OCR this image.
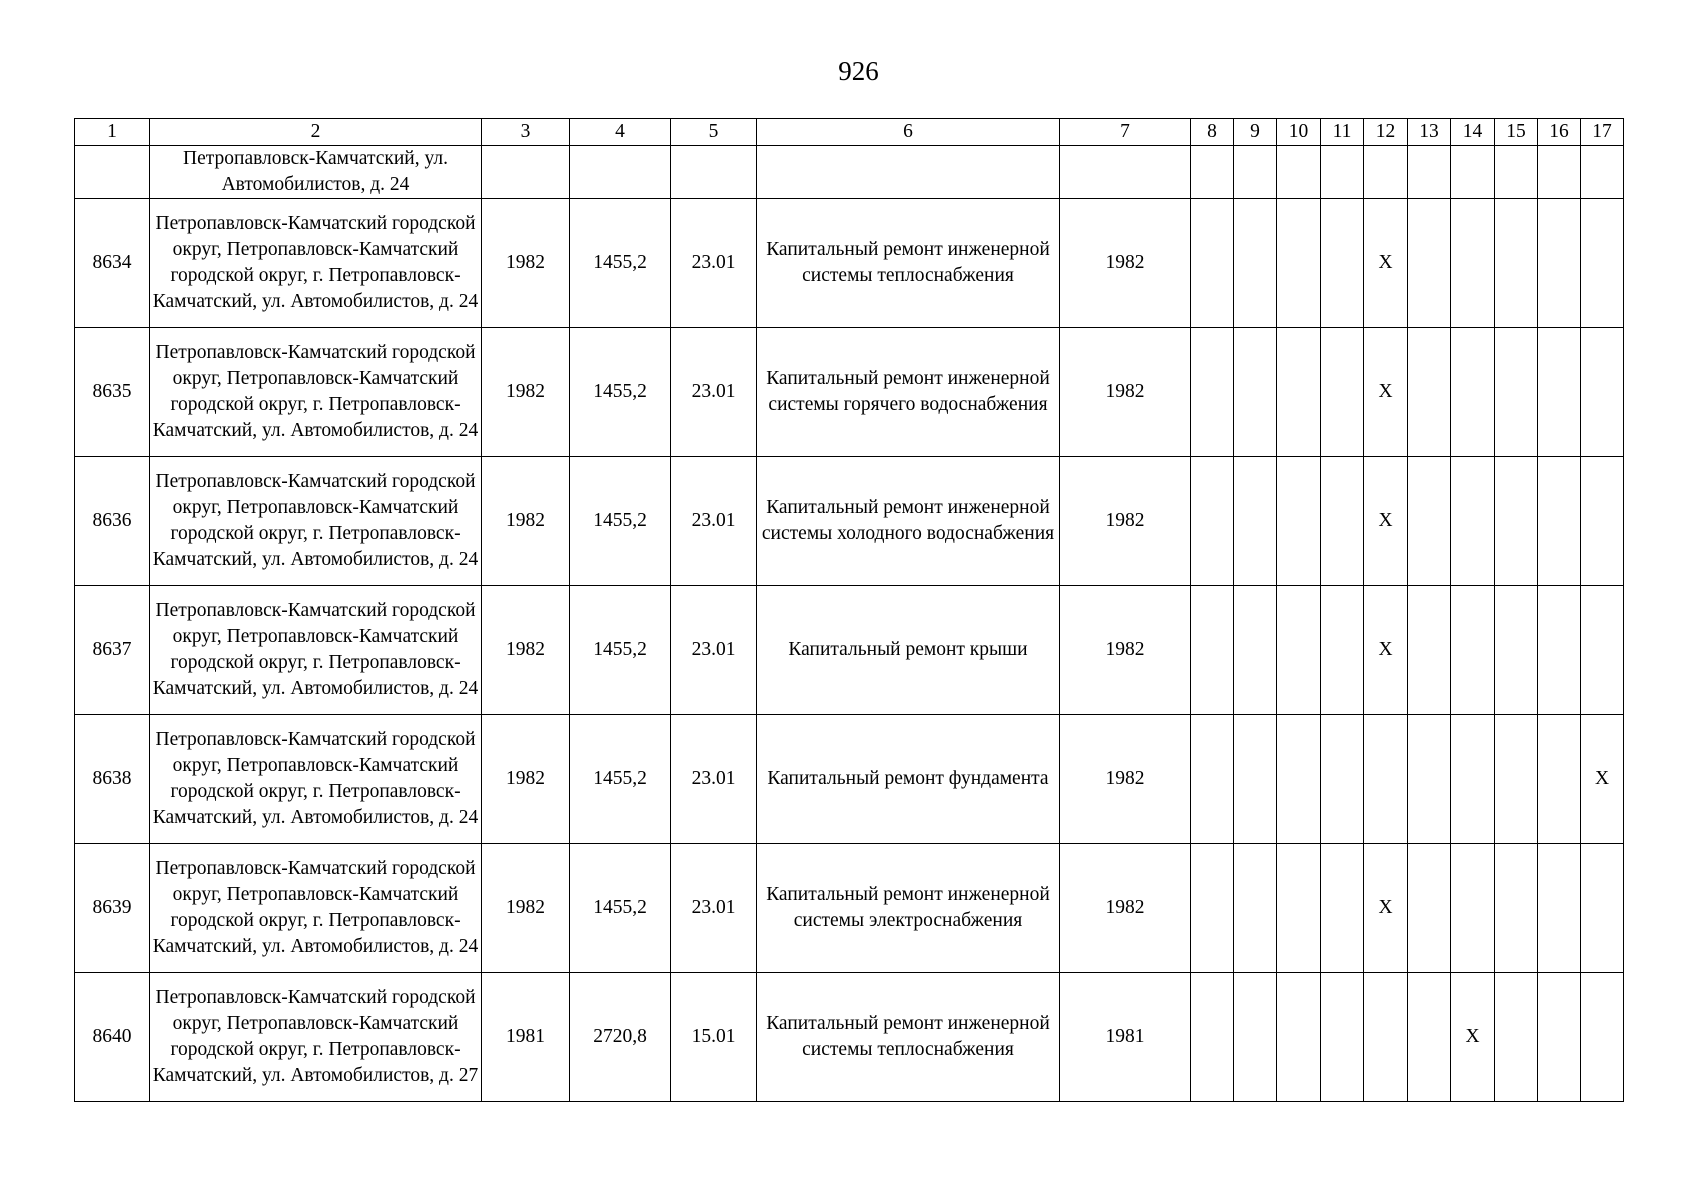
926
1	2	3	4	5	6	7	8	9	10	11	12	13	14	15	16	17
	Петропавловск-Камчатский, ул. Автомобилистов, д. 24															
8634	Петропавловск-Камчатский городской округ, Петропавловск-Камчатский городской округ, г. Петропавловск-Камчатский, ул. Автомобилистов, д. 24	1982	1455,2	23.01	Капитальный ремонт инженерной системы теплоснабжения	1982					X					
8635	Петропавловск-Камчатский городской округ, Петропавловск-Камчатский городской округ, г. Петропавловск-Камчатский, ул. Автомобилистов, д. 24	1982	1455,2	23.01	Капитальный ремонт инженерной системы горячего водоснабжения	1982					X					
8636	Петропавловск-Камчатский городской округ, Петропавловск-Камчатский городской округ, г. Петропавловск-Камчатский, ул. Автомобилистов, д. 24	1982	1455,2	23.01	Капитальный ремонт инженерной системы холодного водоснабжения	1982					X					
8637	Петропавловск-Камчатский городской округ, Петропавловск-Камчатский городской округ, г. Петропавловск-Камчатский, ул. Автомобилистов, д. 24	1982	1455,2	23.01	Капитальный ремонт крыши	1982					X					
8638	Петропавловск-Камчатский городской округ, Петропавловск-Камчатский городской округ, г. Петропавловск-Камчатский, ул. Автомобилистов, д. 24	1982	1455,2	23.01	Капитальный ремонт фундамента	1982										X
8639	Петропавловск-Камчатский городской округ, Петропавловск-Камчатский городской округ, г. Петропавловск-Камчатский, ул. Автомобилистов, д. 24	1982	1455,2	23.01	Капитальный ремонт инженерной системы электроснабжения	1982					X					
8640	Петропавловск-Камчатский городской округ, Петропавловск-Камчатский городской округ, г. Петропавловск-Камчатский, ул. Автомобилистов, д. 27	1981	2720,8	15.01	Капитальный ремонт инженерной системы теплоснабжения	1981							X			
